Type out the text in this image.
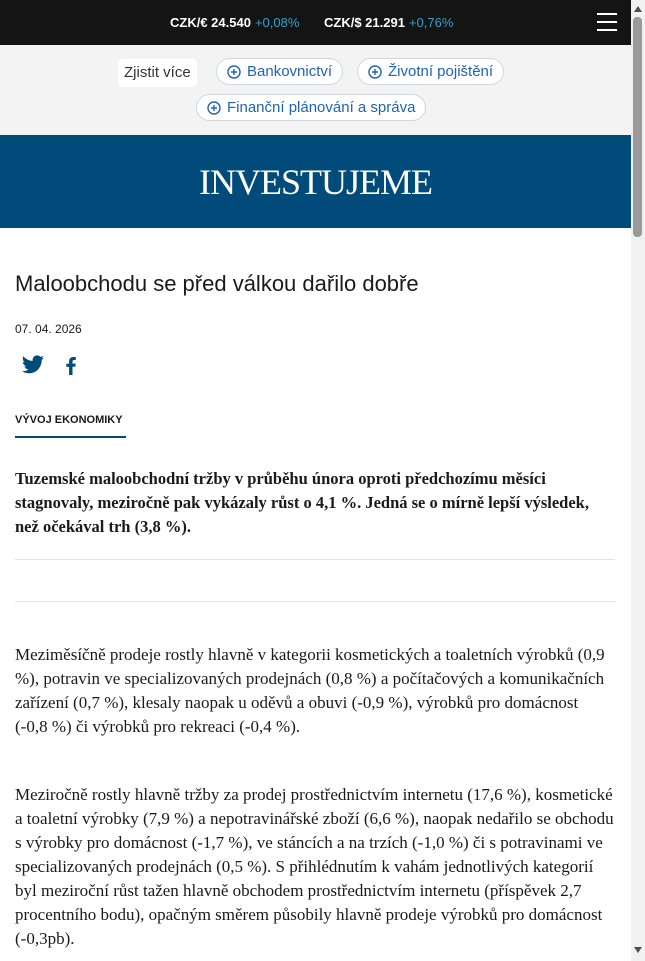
CZK/€ 24.540 +0,08% CZK/$ 21.291 +0,76%
Zjistit více	Bankovnictví	Životní pojištění
Finanční plánování a správa
INVESTUJEME
Maloobchodu se před válkou dařilo dobře
07. 04. 2026
VÝVOJ EKONOMIKY

Tuzemské maloobchodní tržby v průběhu února oproti předchozímu měsíci stagnovaly, meziročně pak vykázaly růst o 4,1 %. Jedná se o mírně lepší výsledek, než očekával trh (3,8 %).

Meziměsíčně prodeje rostly hlavně v kategorii kosmetických a toaletních výrobků (0,9 %), potravin ve specializovaných prodejnách (0,8 %) a počítačových a komunikačních zařízení (0,7 %), klesaly naopak u oděvů a obuvi (-0,9 %), výrobků pro domácnost (-0,8 %) či výrobků pro rekreaci (-0,4 %).

Meziročně rostly hlavně tržby za prodej prostřednictvím internetu (17,6 %), kosmetické a toaletní výrobky (7,9 %) a nepotravinářské zboží (6,6 %), naopak nedařilo se obchodu s výrobky pro domácnost (-1,7 %), ve stáncích a na trzích (-1,0 %) či s potravinami ve specializovaných prodejnách (0,5 %). S přihlédnutím k vahám jednotlivých kategorií byl meziroční růst tažen hlavně obchodem prostřednictvím internetu (příspěvek 2,7 procentního bodu), opačným směrem působily hlavně prodeje výrobků pro domácnost (-0,3pb).
